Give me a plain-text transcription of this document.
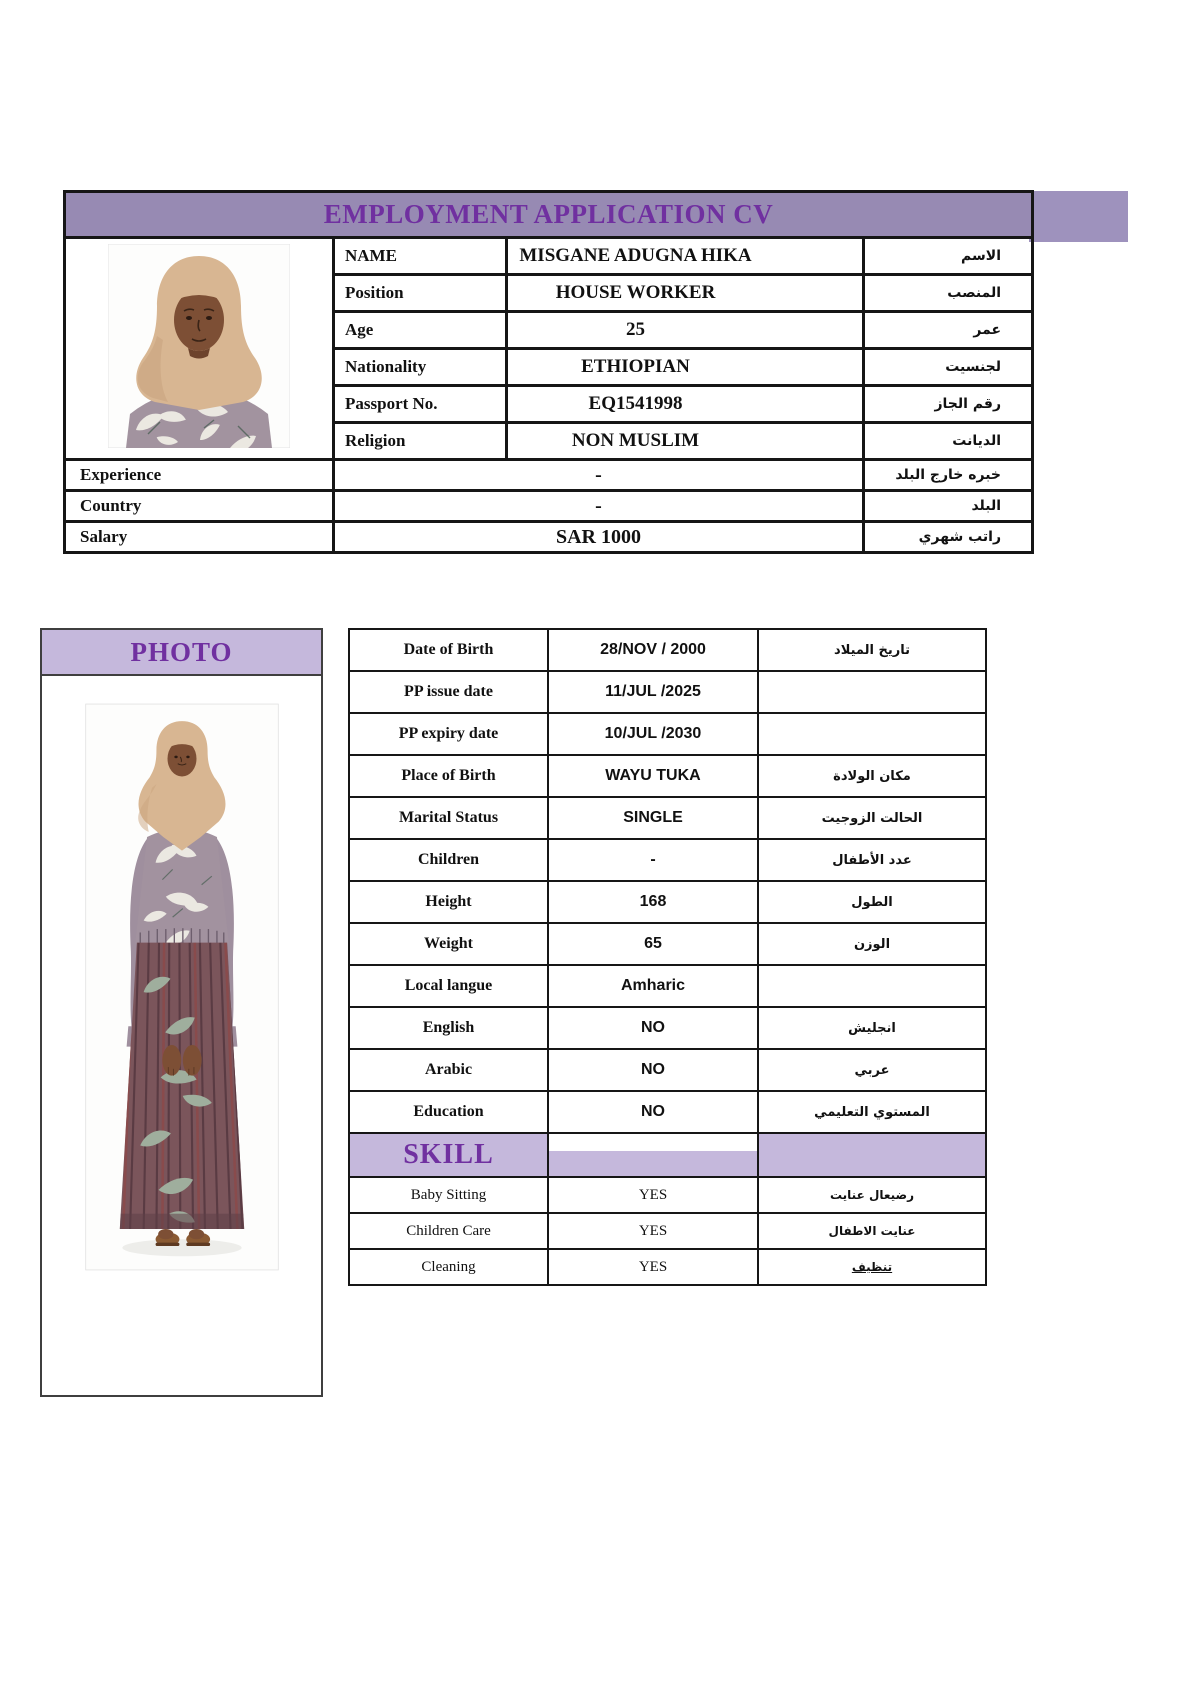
EMPLOYMENT APPLICATION CV			
	NAME	MISGANE ADUGNA HIKA	الاسم
	Position	HOUSE WORKER	المنصب
	Age	25	عمر
	Nationality	ETHIOPIAN	لجنسيت
	Passport No.	EQ1541998	رقم الجاز
	Religion	NON MUSLIM	الديانت
Experience	-		خبره خارج البلد
Country	-		البلد
Salary	SAR 1000		راتب شهري
PHOTO	Date of Birth	28/NOV / 2000	تاريخ الميلاد
PP issue date	11/JUL /2025	
PP expiry date	10/JUL /2030	
Place of Birth	WAYU TUKA	مكان الولادة
Marital Status	SINGLE	الحالت الزوجيت
Children	-	عدد الأطفال
Height	168	الطول
Weight	65	الوزن
Local langue	Amharic	
English	NO	انجليش
Arabic	NO	عربي
Education	NO	المستوي التعليمي
SKILL		
Baby Sitting	YES	رضيعال عنايت
Children Care	YES	عنايت الاطفال
Cleaning	YES	تنظيف
